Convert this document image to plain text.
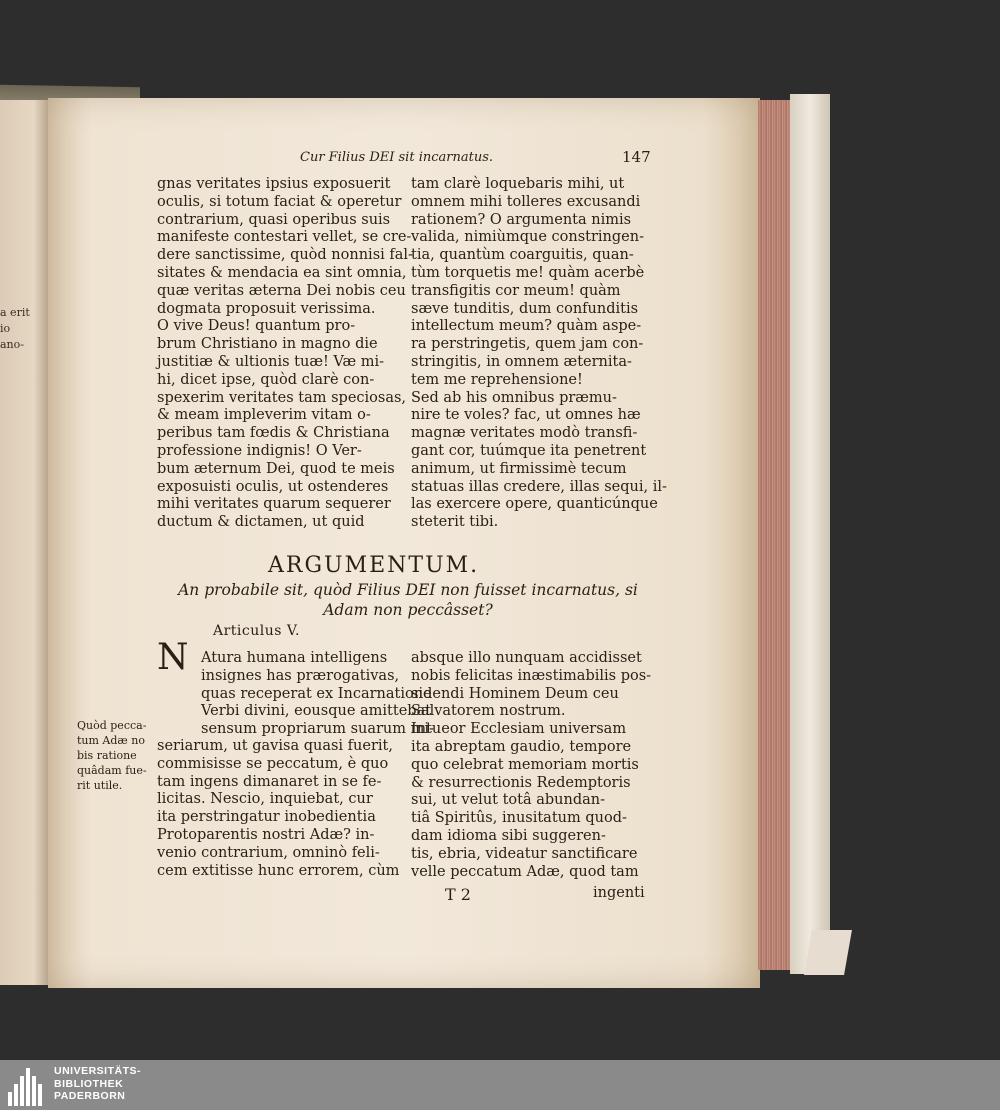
a erit
io
ano-
Cur Filius DEI sit incarnatus.	147
gnas veritates ipsius exposuerit
oculis, si totum faciat & operetur
contrarium, quasi operibus suis
manifeste contestari vellet, se cre-
dere sanctissime, quòd nonnisi fal-
sitates & mendacia ea sint omnia,
quæ veritas æterna Dei nobis ceu
dogmata proposuit verissima.
O vive Deus! quantum pro-
brum Christiano in magno die
justitiæ & ultionis tuæ! Væ mi-
hi, dicet ipse, quòd clarè con-
spexerim veritates tam speciosas,
& meam impleverim vitam o-
peribus tam fœdis & Christiana
professione indignis! O Ver-
bum æternum Dei, quod te meis
exposuisti oculis, ut ostenderes
mihi veritates quarum sequerer
ductum & dictamen, ut quid
tam clarè loquebaris mihi, ut
omnem mihi tolleres excusandi
rationem? O argumenta nimis
valida, nimiùmque constringen-
tia, quantùm coarguitis, quan-
tùm torquetis me! quàm acerbè
transfigitis cor meum! quàm
sæve tunditis, dum confunditis
intellectum meum? quàm aspe-
ra perstringetis, quem jam con-
stringitis, in omnem æternita-
tem me reprehensione!
Sed ab his omnibus præmu-
nire te voles? fac, ut omnes hæ
magnæ veritates modò transfi-
gant cor, tuúmque ita penetrent
animum, ut firmissimè tecum
statuas illas credere, illas sequi, il-
las exercere opere, quanticúnque
steterit tibi.
ARGUMENTUM.
An probabile sit, quòd Filius DEI non fuisset incarnatus, si
Adam non peccâsset?
Articulus V.
N Atura humana intelligens
insignes has prærogativas,
quas receperat ex Incarnatione
Verbi divini, eousque amittebat
sensum propriarum suarum mi-
seriarum, ut gavisa quasi fuerit,
commisisse se peccatum, è quo
tam ingens dimanaret in se fe-
licitas. Nescio, inquiebat, cur
ita perstringatur inobedientia
Protoparentis nostri Adæ? in-
venio contrarium, omninò feli-
cem extitisse hunc errorem, cùm
absque illo nunquam accidisset
nobis felicitas inæstimabilis pos-
sidendi Hominem Deum ceu
Salvatorem nostrum.
Intueor Ecclesiam universam
ita abreptam gaudio, tempore
quo celebrat memoriam mortis
& resurrectionis Redemptoris
sui, ut velut totâ abundan-
tiâ Spiritûs, inusitatum quod-
dam idioma sibi suggeren-
tis, ebria, videatur sanctificare
velle peccatum Adæ, quod tam
Quòd pecca-
tum Adæ no
bis ratione
quâdam fue-
rit utile.
T 2	ingenti
UNIVERSITÄTS-
BIBLIOTHEK
PADERBORN
